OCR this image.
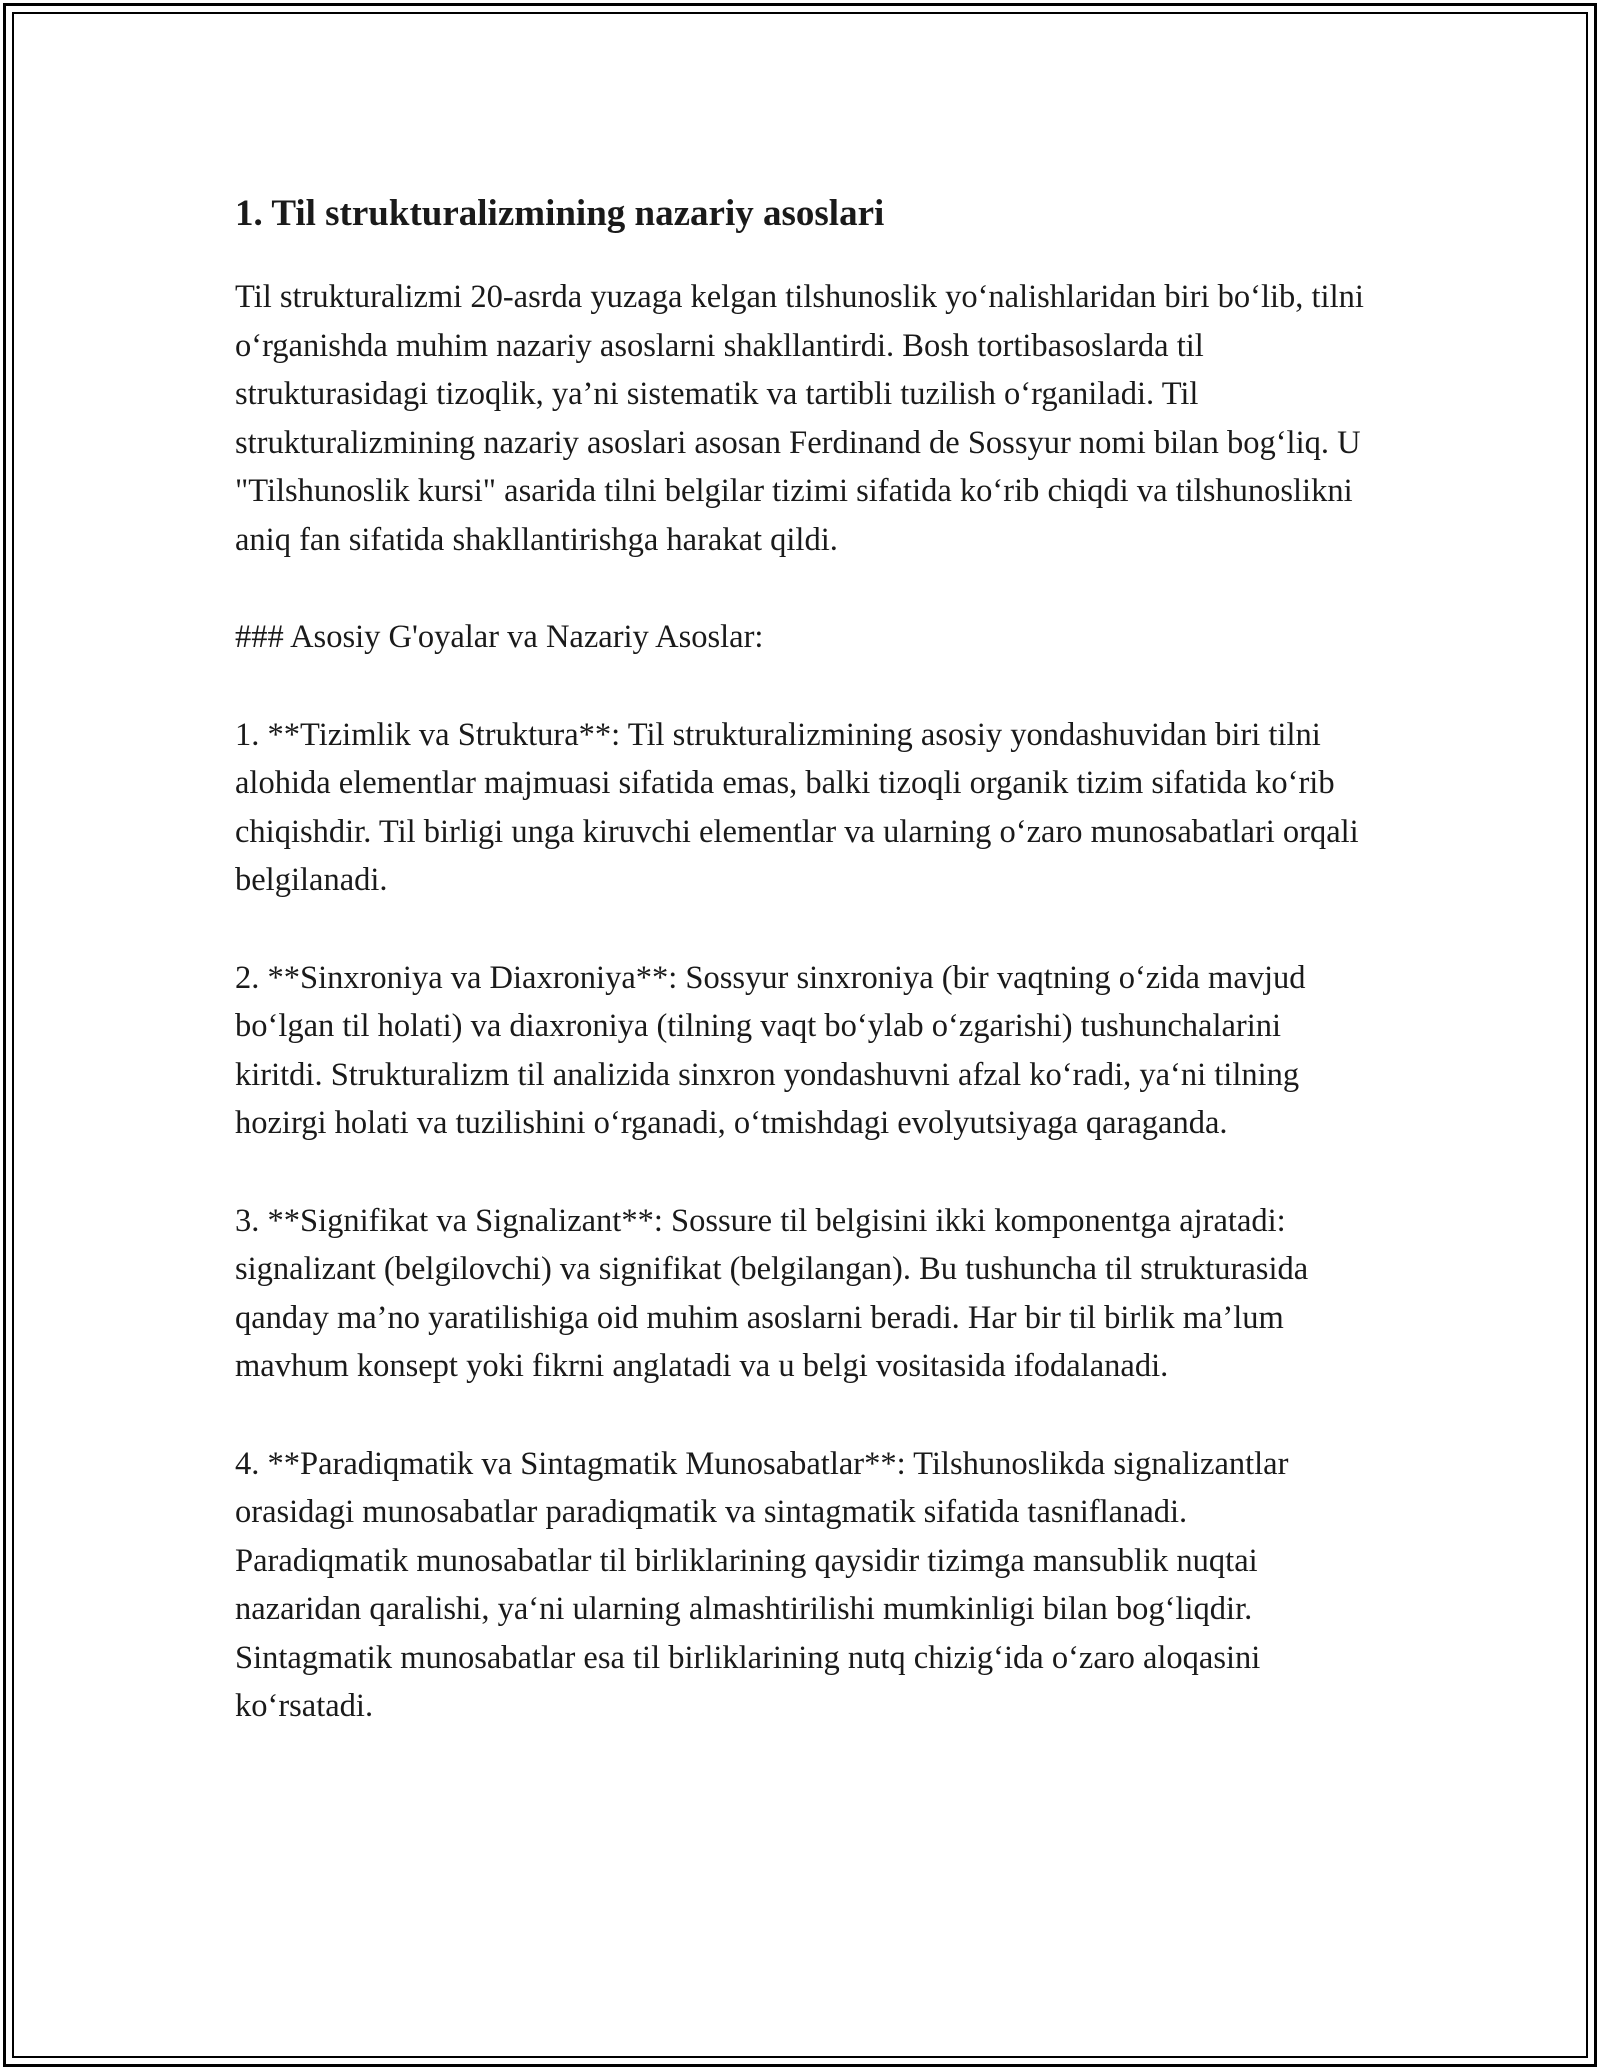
1. Til strukturalizmining nazariy asoslari

Til strukturalizmi 20-asrda yuzaga kelgan tilshunoslik yo‘nalishlaridan biri bo‘lib, tilni o‘rganishda muhim nazariy asoslarni shakllantirdi. Bosh tortibasoslarda til strukturasidagi tizoqlik, ya’ni sistematik va tartibli tuzilish o‘rganiladi. Til strukturalizmining nazariy asoslari asosan Ferdinand de Sossyur nomi bilan bog‘liq. U "Tilshunoslik kursi" asarida tilni belgilar tizimi sifatida ko‘rib chiqdi va tilshunoslikni aniq fan sifatida shakllantirishga harakat qildi.

### Asosiy G'oyalar va Nazariy Asoslar:

1. **Tizimlik va Struktura**: Til strukturalizmining asosiy yondashuvidan biri tilni alohida elementlar majmuasi sifatida emas, balki tizoqli organik tizim sifatida ko‘rib chiqishdir. Til birligi unga kiruvchi elementlar va ularning o‘zaro munosabatlari orqali belgilanadi.

2. **Sinxroniya va Diaxroniya**: Sossyur sinxroniya (bir vaqtning o‘zida mavjud bo‘lgan til holati) va diaxroniya (tilning vaqt bo‘ylab o‘zgarishi) tushunchalarini kiritdi. Strukturalizm til analizida sinxron yondashuvni afzal ko‘radi, ya‘ni tilning hozirgi holati va tuzilishini o‘rganadi, o‘tmishdagi evolyutsiyaga qaraganda.

3. **Signifikat va Signalizant**: Sossure til belgisini ikki komponentga ajratadi: signalizant (belgilovchi) va signifikat (belgilangan). Bu tushuncha til strukturasida qanday ma’no yaratilishiga oid muhim asoslarni beradi. Har bir til birlik ma’lum mavhum konsept yoki fikrni anglatadi va u belgi vositasida ifodalanadi.

4. **Paradiqmatik va Sintagmatik Munosabatlar**: Tilshunoslikda signalizantlar orasidagi munosabatlar paradiqmatik va sintagmatik sifatida tasniflanadi. Paradiqmatik munosabatlar til birliklarining qaysidir tizimga mansublik nuqtai nazaridan qaralishi, ya‘ni ularning almashtirilishi mumkinligi bilan bog‘liqdir. Sintagmatik munosabatlar esa til birliklarining nutq chizig‘ida o‘zaro aloqasini ko‘rsatadi.
